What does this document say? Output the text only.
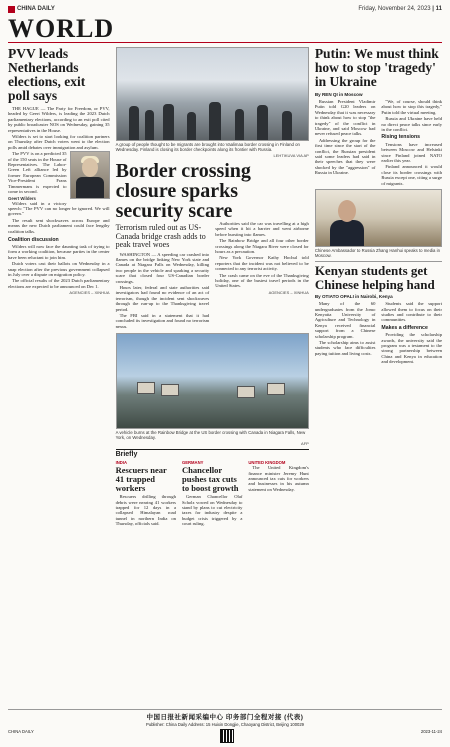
CHINA DAILY	Friday, November 24, 2023 | 11
WORLD
PVV leads Netherlands elections, exit poll says

THE HAGUE — The Party for Freedom, or PVV, headed by Geert Wilders, is leading the 2023 Dutch parliamentary elections, according to an exit poll cited by public broadcaster NOS on Wednesday, gaining 35 representatives in the House.

Wilders is set to start looking for coalition partners on Thursday after Dutch voters went to the election polls amid debates over immigration and asylum.

The PVV is on a predicted 35 of the 150 seats in the House of Representatives. The Labor-Green Left alliance led by former European Commission Vice-President Frans Timmermans is expected to come in second.

Geert Wilders

Wilders said in a victory speech: "The PVV can no longer be ignored. We will govern."

The result sent shockwaves across Europe and means the new Dutch parliament could face lengthy coalition talks.

Coalition discussion

Wilders will now face the daunting task of trying to form a working coalition, because parties in the center have been reluctant to join him.

Dutch voters cast their ballots on Wednesday in a snap election after the previous government collapsed in July over a dispute on migration policy.

The official results of the 2023 Dutch parliamentary elections are expected to be announced on Dec 1.

AGENCIES – XINHUA
A group of people thought to be migrants are brought into Vaalimaa border crossing in Finland on Wednesday. Finland is closing its border checkpoints along its frontier with Russia.
LEHTIKUVA VIA AP
Border crossing closure sparks security scare
Terrorism ruled out as US-Canada bridge crash adds to peak travel woes

WASHINGTON — A speeding car crashed into flames on the bridge linking New York state and Canada at Niagara Falls on Wednesday, killing two people in the vehicle and sparking a security scare that closed four US-Canadian border crossings.

Hours later, federal and state authorities said investigators had found no evidence of an act of terrorism, though the incident sent shockwaves through the run-up to the Thanksgiving travel period.

The FBI said in a statement that it had concluded its investigation and found no terrorism nexus.

Authorities said the car was travelling at a high speed when it hit a barrier and went airborne before bursting into flames.

The Rainbow Bridge and all four other border crossings along the Niagara River were closed for hours as a precaution.

New York Governor Kathy Hochul told reporters that the incident was not believed to be connected to any terrorist activity.

The crash came on the eve of the Thanksgiving holiday, one of the busiest travel periods in the United States.

AGENCIES – XINHUA
A vehicle burns at the Rainbow Bridge at the US border crossing with Canada in Niagara Falls, New York, on Wednesday.
AFP
Briefly
INDIA
Rescuers near 41 trapped workers

Rescuers drilling through debris were nearing 41 workers trapped for 12 days in a collapsed Himalayan road tunnel in northern India on Thursday, officials said.

GERMANY
Chancellor pushes tax cuts to boost growth

German Chancellor Olaf Scholz vowed on Wednesday to stand by plans to cut electricity taxes for industry despite a budget crisis triggered by a court ruling.

UNITED KINGDOM

The United Kingdom's finance minister Jeremy Hunt announced tax cuts for workers and businesses in his autumn statement on Wednesday.

Putin: We must think how to stop 'tragedy' in Ukraine
By REN QI in Moscow

Russian President Vladimir Putin told G20 leaders on Wednesday that it was necessary to think about how to stop "the tragedy" of the conflict in Ukraine, and said Moscow had never refused peace talks.

Addressing the group for the first time since the start of the conflict, the Russian president said some leaders had said in their speeches that they were shocked by the "aggression" of Russia in Ukraine.

"We, of course, should think about how to stop this tragedy," Putin told the virtual meeting.

Russia and Ukraine have held no direct peace talks since early in the conflict.

Rising tensions

Tensions have increased between Moscow and Helsinki since Finland joined NATO earlier this year.

Finland announced it would close its border crossings with Russia except one, citing a surge of migrants.

Chinese Ambassador to Russia Zhang Hanhui speaks to media in Moscow.
Kenyan students get Chinese helping hand
By OTIATO OPALI in Nairobi, Kenya

Many of the 60 undergraduates from the Jomo Kenyatta University of Agriculture and Technology in Kenya received financial support from a Chinese scholarship program.

The scholarship aims to assist students who face difficulties paying tuition and living costs.

Students said the support allowed them to focus on their studies and contribute to their communities.

Makes a difference

Providing the scholarship awards, the university said the program was a testament to the strong partnership between China and Kenya in education and development.

中国日报社新闻采编中心 印务部门全程对接 (代表)
Publisher: China Daily Address: 15 Huixin Dongjie, Chaoyang District, Beijing 100029
CHINA DAILY	2023-11-24
